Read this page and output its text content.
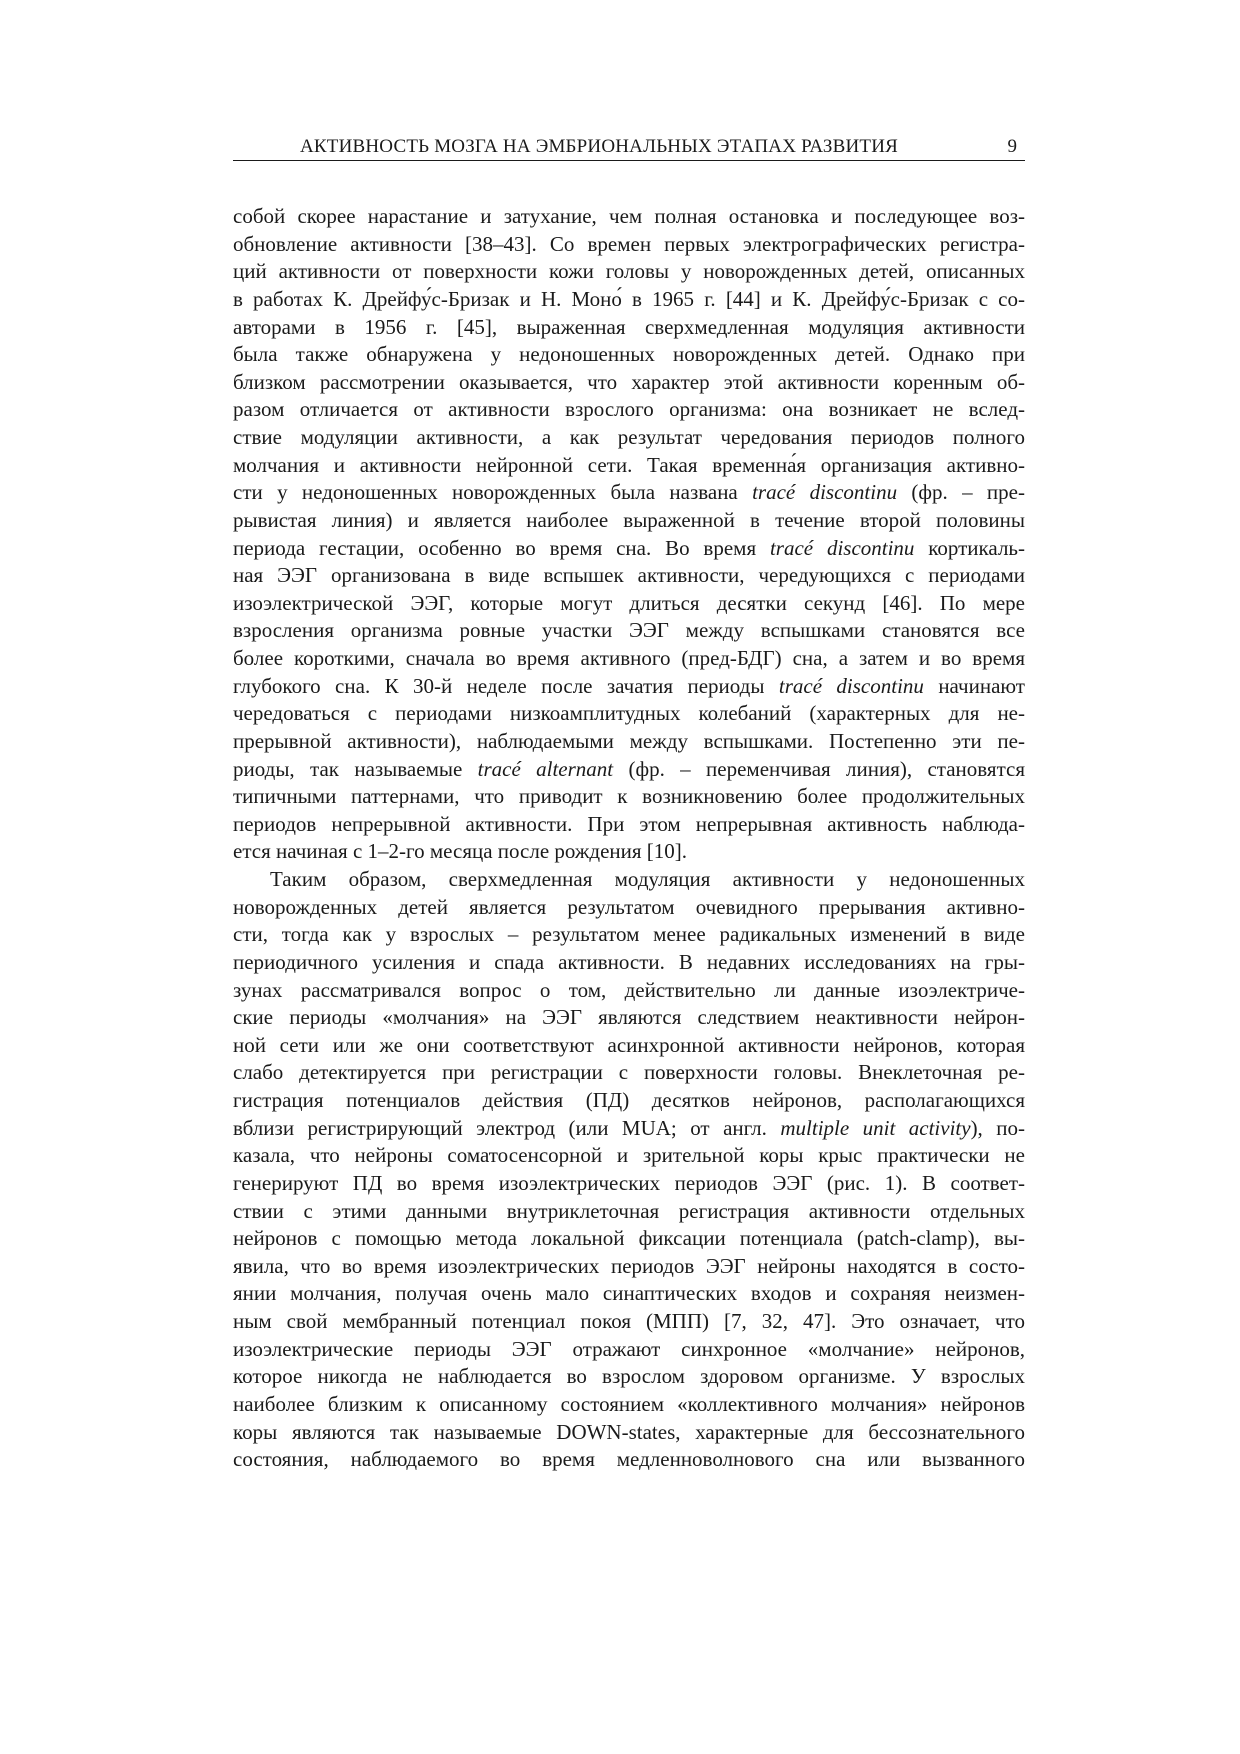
АКТИВНОСТЬ МОЗГА НА ЭМБРИОНАЛЬНЫХ ЭТАПАХ РАЗВИТИЯ	9
собой скорее нарастание и затухание, чем полная остановка и последующее воз-
обновление активности [38–43]. Со времен первых электрографических регистра-
ций активности от поверхности кожи головы у новорожденных детей, описанных
в работах К. Дрейфу́с-Бризак и Н. Моно́ в 1965 г. [44] и К. Дрейфу́с-Бризак с со-
авторами в 1956 г. [45], выраженная сверхмедленная модуляция активности
была также обнаружена у недоношенных новорожденных детей. Однако при
близком рассмотрении оказывается, что характер этой активности коренным об-
разом отличается от активности взрослого организма: она возникает не вслед-
ствие модуляции активности, а как результат чередования периодов полного
молчания и активности нейронной сети. Такая временна́я организация активно-
сти у недоношенных новорожденных была названа tracé discontinu (фр. – пре-
рывистая линия) и является наиболее выраженной в течение второй половины
периода гестации, особенно во время сна. Во время tracé discontinu кортикаль-
ная ЭЭГ организована в виде вспышек активности, чередующихся с периодами
изоэлектрической ЭЭГ, которые могут длиться десятки секунд [46]. По мере
взросления организма ровные участки ЭЭГ между вспышками становятся все
более короткими, сначала во время активного (пред-БДГ) сна, а затем и во время
глубокого сна. К 30-й неделе после зачатия периоды tracé discontinu начинают
чередоваться с периодами низкоамплитудных колебаний (характерных для не-
прерывной активности), наблюдаемыми между вспышками. Постепенно эти пе-
риоды, так называемые tracé alternant (фр. – переменчивая линия), становятся
типичными паттернами, что приводит к возникновению более продолжительных
периодов непрерывной активности. При этом непрерывная активность наблюда-
ется начиная с 1–2-го месяца после рождения [10].
Таким образом, сверхмедленная модуляция активности у недоношенных
новорожденных детей является результатом очевидного прерывания активно-
сти, тогда как у взрослых – результатом менее радикальных изменений в виде
периодичного усиления и спада активности. В недавних исследованиях на гры-
зунах рассматривался вопрос о том, действительно ли данные изоэлектриче-
ские периоды «молчания» на ЭЭГ являются следствием неактивности нейрон-
ной сети или же они соответствуют асинхронной активности нейронов, которая
слабо детектируется при регистрации с поверхности головы. Внеклеточная ре-
гистрация потенциалов действия (ПД) десятков нейронов, располагающихся
вблизи регистрирующий электрод (или MUA; от англ. multiple unit activity), по-
казала, что нейроны соматосенсорной и зрительной коры крыс практически не
генерируют ПД во время изоэлектрических периодов ЭЭГ (рис. 1). В соответ-
ствии с этими данными внутриклеточная регистрация активности отдельных
нейронов с помощью метода локальной фиксации потенциала (patch-clamp), вы-
явила, что во время изоэлектрических периодов ЭЭГ нейроны находятся в состо-
янии молчания, получая очень мало синаптических входов и сохраняя неизмен-
ным свой мембранный потенциал покоя (МПП) [7, 32, 47]. Это означает, что
изоэлектрические периоды ЭЭГ отражают синхронное «молчание» нейронов,
которое никогда не наблюдается во взрослом здоровом организме. У взрослых
наиболее близким к описанному состоянием «коллективного молчания» нейронов
коры являются так называемые DOWN-states, характерные для бессознательного
состояния, наблюдаемого во время медленноволнового сна или вызванного
